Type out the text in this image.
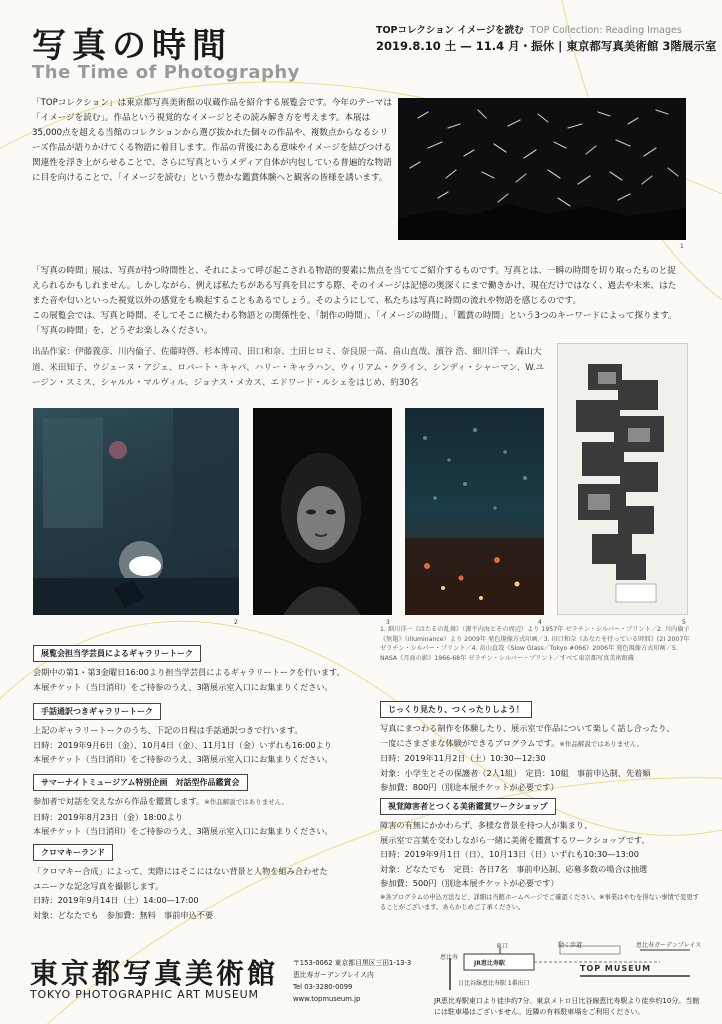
写真の時間
The Time of Photography
TOPコレクション イメージを読む TOP Collection: Reading Images
2019.8.10 土 — 11.4 月・振休 | 東京都写真美術館 3階展示室

「TOPコレクション」は東京都写真美術館の収蔵作品を紹介する展覧会です。今年のテーマは「イメージを読む」。作品という視覚的なイメージとその読み解き方を考えます。本展は35,000点を超える当館のコレクションから選び抜かれた個々の作品や、複数点からなるシリーズ作品が語りかけてくる物語に着目します。作品の背後にある意味やイメージを結びつける関連性を浮き上がらせることで、さらに写真というメディア自体が内包している普遍的な物語に目を向けることで、「イメージを読む」という豊かな鑑賞体験へと観客の皆様を誘います。

「写真の時間」展は、写真が持つ時間性と、それによって呼び起こされる物語的要素に焦点を当ててご紹介するものです。写真とは、一瞬の時間を切り取ったものと捉えられるかもしれません。しかしながら、例えば私たちがある写真を目にする際、そのイメージは記憶の奥深くにまで働きかけ、現在だけではなく、過去や未来、はたまた音や匂いといった視覚以外の感覚をも喚起することもあるでしょう。そのようにして、私たちは写真に時間の流れや物語を感じるのです。

この展覧会では、写真と時間、そしてそこに横たわる物語との関係性を、「制作の時間」、「イメージの時間」、「鑑賞の時間」という3つのキーワードによって探ります。

「写真の時間」を、どうぞお楽しみください。

1
出品作家：伊藤義彦、川内倫子、佐藤時啓、杉本博司、田口和奈、土田ヒロミ、奈良原一高、畠山直哉、濱谷 浩、細川洋一、森山大道、米田知子、ウジェーヌ・アジェ、ロバート・キャパ、ハリー・キャラハン、ウィリアム・クライン、シンディ・シャーマン、W.ユージン・スミス、シャルル・マルヴィル、ジョナス・メカス、エドワード・ルシェをはじめ、約30名
2	3	4	5
1. 細川洋一《はたるの乱舞》（源平内海とその周辺）より 1957年 ゼラチン・シルバー・プリント／2. 川内倫子《無題》（Illuminance）より 2009年 発色現像方式印画／3. 田口和奈《あなたを待っている時間》(2) 2007年 ゼラチン・シルバー・プリント／4. 畠山直哉《Slow Glass／Tokyo #066》2006年 発色現像方式印画／5. NASA《月面の影》1966-68年 ゼラチン・シルバー・プリント／すべて東京都写真美術館蔵
展覧会担当学芸員によるギャラリートーク

会期中の第1・第3金曜日16:00より担当学芸員によるギャラリートークを行います。

本展チケット（当日消印）をご持参のうえ、3階展示室入口にお集まりください。

手話通訳つきギャラリートーク

上記のギャラリートークのうち、下記の日程は手話通訳つきで行います。

日時：2019年9月6日（金）、10月4日（金）、11月1日（金）いずれも16:00より

本展チケット（当日消印）をご持参のうえ、3階展示室入口にお集まりください。

サマーナイトミュージアム特別企画　対話型作品鑑賞会

参加者で対話を交えながら作品を鑑賞します。※作品解説ではありません。

日時：2019年8月23日（金）18:00より

本展チケット（当日消印）をご持参のうえ、3階展示室入口にお集まりください。

クロマキーランド

「クロマキー合成」によって、実際にはそこにはない背景と人物を組み合わせた

ユニークな記念写真を撮影します。

日時：2019年9月14日（土）14:00—17:00

対象：どなたでも　参加費：無料　事前申込不要

じっくり見たり、つくったりしよう！

写真にまつわる制作を体験したり、展示室で作品について楽しく話し合ったり、

一度にさまざまな体験ができるプログラムです。※作品解説ではありません。

日時：2019年11月2日（土）10:30—12:30

対象：小学生とその保護者（2人1組）　定員：10組　事前申込制、先着順

参加費：800円（別途本展チケットが必要です）

視覚障害者とつくる美術鑑賞ワークショップ

障害の有無にかかわらず、多様な背景を持つ人が集まり、

展示室で言葉を交わしながら一緒に美術を鑑賞するワークショップです。

日時：2019年9月1日（日）、10月13日（日）いずれも10:30—13:00

対象：どなたでも　定員：各日7名　事前申込制、応募多数の場合は抽選

参加費：500円（別途本展チケットが必要です）

※各プログラムの申込方法など、詳細は当館ホームページでご確認ください。※事業はやむを得ない事情で変更することがございます。あらかじめご了承ください。
東京都写真美術館
TOKYO PHOTOGRAPHIC ART MUSEUM
〒153-0062 東京都目黒区三田1-13-3
恵比寿ガーデンプレイス内
Tel 03-3280-0099
www.topmuseum.jp
恵比寿
東口	動く歩道	恵比寿ガーデンプレイス
JR恵比寿駅
日比谷線恵比寿駅 1番出口
TOP MUSEUM
JR恵比寿駅東口より徒歩約7分、東京メトロ日比谷線恵比寿駅より徒歩約10分。当館には駐車場はございません。近隣の有料駐車場をご利用ください。
